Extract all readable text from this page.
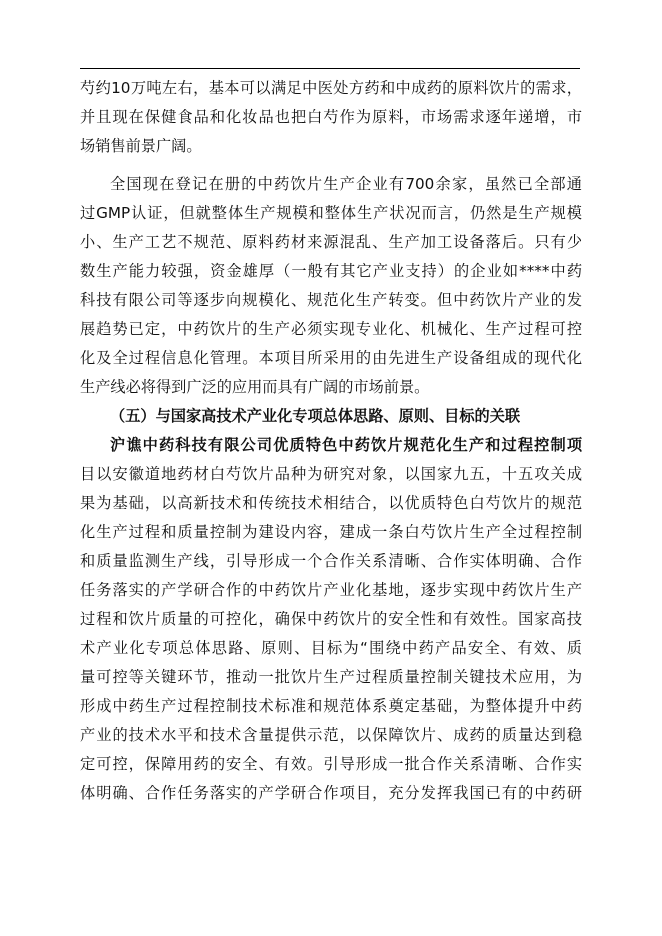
芍约10万吨左右，基本可以满足中医处方药和中成药的原料饮片的需求，
并且现在保健食品和化妆品也把白芍作为原料，市场需求逐年递增，市
场销售前景广阔。
全国现在登记在册的中药饮片生产企业有700余家，虽然已全部通
过GMP认证，但就整体生产规模和整体生产状况而言，仍然是生产规模
小、生产工艺不规范、原料药材来源混乱、生产加工设备落后。只有少
数生产能力较强，资金雄厚（一般有其它产业支持）的企业如****中药
科技有限公司等逐步向规模化、规范化生产转变。但中药饮片产业的发
展趋势已定，中药饮片的生产必须实现专业化、机械化、生产过程可控
化及全过程信息化管理。本项目所采用的由先进生产设备组成的现代化
生产线必将得到广泛的应用而具有广阔的市场前景。
（五）与国家高技术产业化专项总体思路、原则、目标的关联
沪谯中药科技有限公司优质特色中药饮片规范化生产和过程控制项
目以安徽道地药材白芍饮片品种为研究对象，以国家九五，十五攻关成
果为基础，以高新技术和传统技术相结合，以优质特色白芍饮片的规范
化生产过程和质量控制为建设内容，建成一条白芍饮片生产全过程控制
和质量监测生产线，引导形成一个合作关系清晰、合作实体明确、合作
任务落实的产学研合作的中药饮片产业化基地，逐步实现中药饮片生产
过程和饮片质量的可控化，确保中药饮片的安全性和有效性。国家高技
术产业化专项总体思路、原则、目标为“围绕中药产品安全、有效、质
量可控等关键环节，推动一批饮片生产过程质量控制关键技术应用，为
形成中药生产过程控制技术标准和规范体系奠定基础，为整体提升中药
产业的技术水平和技术含量提供示范，以保障饮片、成药的质量达到稳
定可控，保障用药的安全、有效。引导形成一批合作关系清晰、合作实
体明确、合作任务落实的产学研合作项目，充分发挥我国已有的中药研
